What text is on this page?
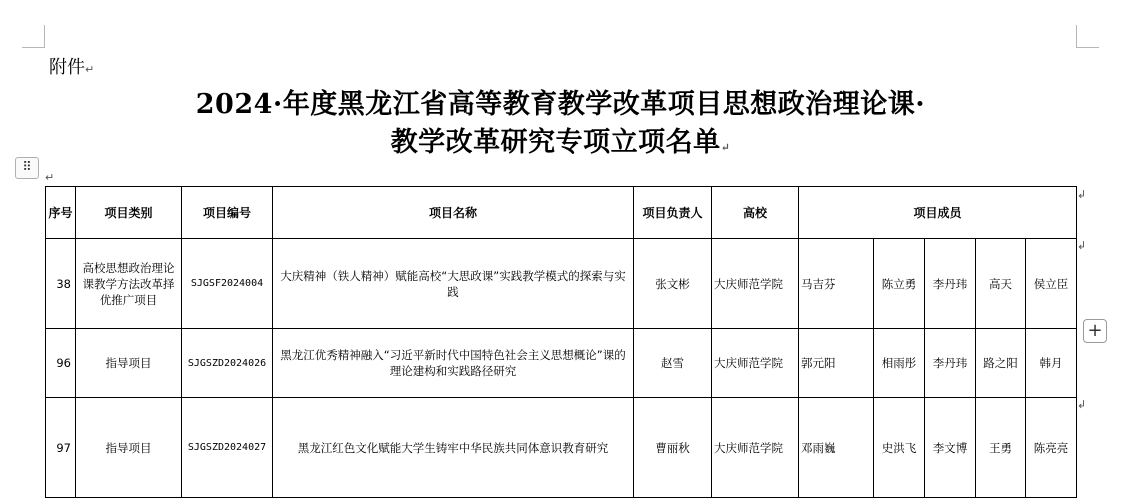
附件↵
2024·年度黑龙江省高等教育教学改革项目思想政治理论课·
教学改革研究专项立项名单↵
⠿
↵
序号	项目类别	项目编号	项目名称	项目负责人	高校	项目成员				
38	高校思想政治理论课教学方法改革择优推广项目	SJGSF2024004	大庆精神（铁人精神）赋能高校“大思政课”实践教学模式的探索与实践	张文彬	大庆师范学院	马吉芬	陈立勇	李丹玮	高天	侯立臣
96	指导项目	SJGSZD2024026	黑龙江优秀精神融入“习近平新时代中国特色社会主义思想概论”课的理论建构和实践路径研究	赵雪	大庆师范学院	郭元阳	相雨彤	李丹玮	路之阳	韩月
97	指导项目	SJGSZD2024027	黑龙江红色文化赋能大学生铸牢中华民族共同体意识教育研究	曹丽秋	大庆师范学院	邓雨巍	史洪飞	李文博	王勇	陈亮亮
↲
↲
↲
+
